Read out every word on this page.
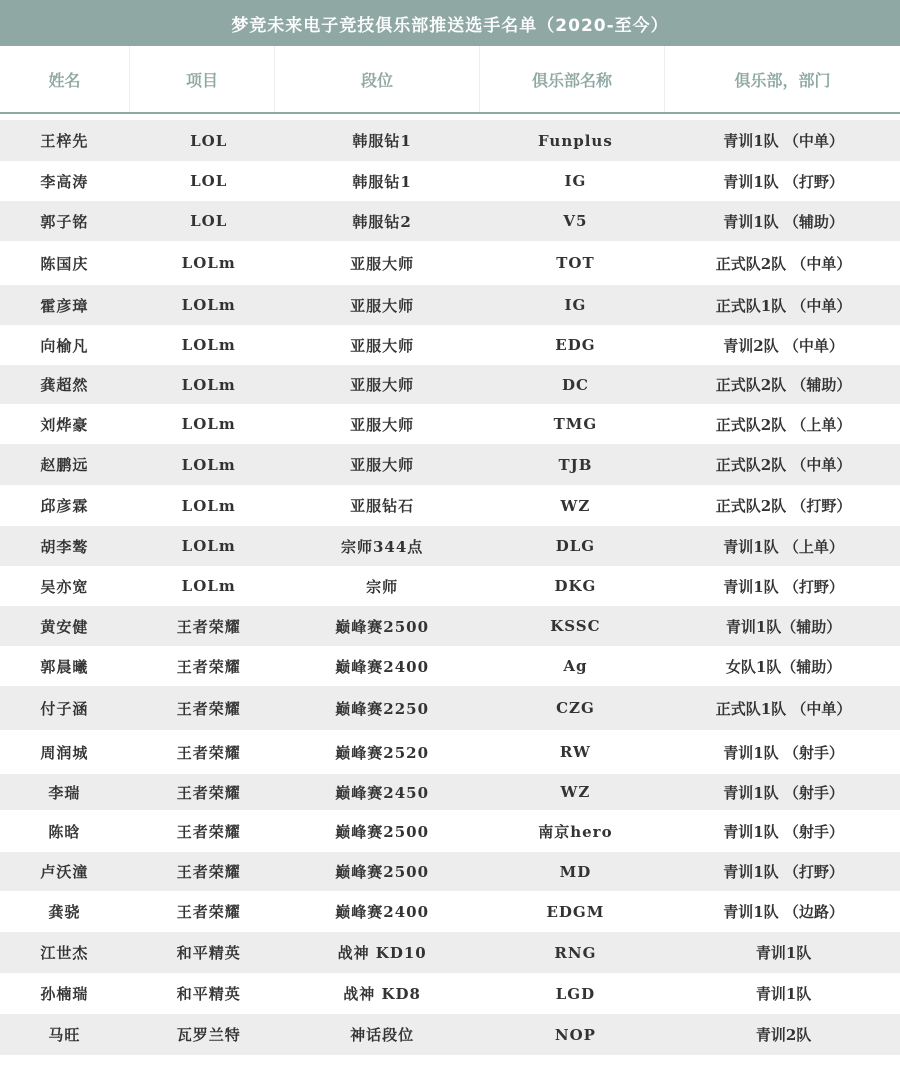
梦竞未来电子竞技俱乐部推送选手名单（2020-至今）
姓名	项目	段位	俱乐部名称	俱乐部，部门
王梓先	LOL	韩服钻1	Funplus	青训1队 （中单）
李高涛	LOL	韩服钻1	IG	青训1队 （打野）
郭子铭	LOL	韩服钻2	V5	青训1队 （辅助）
陈国庆	LOLm	亚服大师	TOT	正式队2队 （中单）
霍彦璋	LOLm	亚服大师	IG	正式队1队 （中单）
向榆凡	LOLm	亚服大师	EDG	青训2队 （中单）
龚超然	LOLm	亚服大师	DC	正式队2队 （辅助）
刘烨豪	LOLm	亚服大师	TMG	正式队2队 （上单）
赵鹏远	LOLm	亚服大师	TJB	正式队2队 （中单）
邱彦霖	LOLm	亚服钻石	WZ	正式队2队 （打野）
胡李骜	LOLm	宗师344点	DLG	青训1队 （上单）
吴亦宽	LOLm	宗师	DKG	青训1队 （打野）
黄安健	王者荣耀	巅峰赛2500	KSSC	青训1队（辅助）
郭晨曦	王者荣耀	巅峰赛2400	Ag	女队1队（辅助）
付子涵	王者荣耀	巅峰赛2250	CZG	正式队1队 （中单）
周润城	王者荣耀	巅峰赛2520	RW	青训1队 （射手）
李瑞	王者荣耀	巅峰赛2450	WZ	青训1队 （射手）
陈晗	王者荣耀	巅峰赛2500	南京hero	青训1队 （射手）
卢沃潼	王者荣耀	巅峰赛2500	MD	青训1队 （打野）
龚骁	王者荣耀	巅峰赛2400	EDGM	青训1队 （边路）
江世杰	和平精英	战神 KD10	RNG	青训1队
孙楠瑞	和平精英	战神 KD8	LGD	青训1队
马旺	瓦罗兰特	神话段位	NOP	青训2队
